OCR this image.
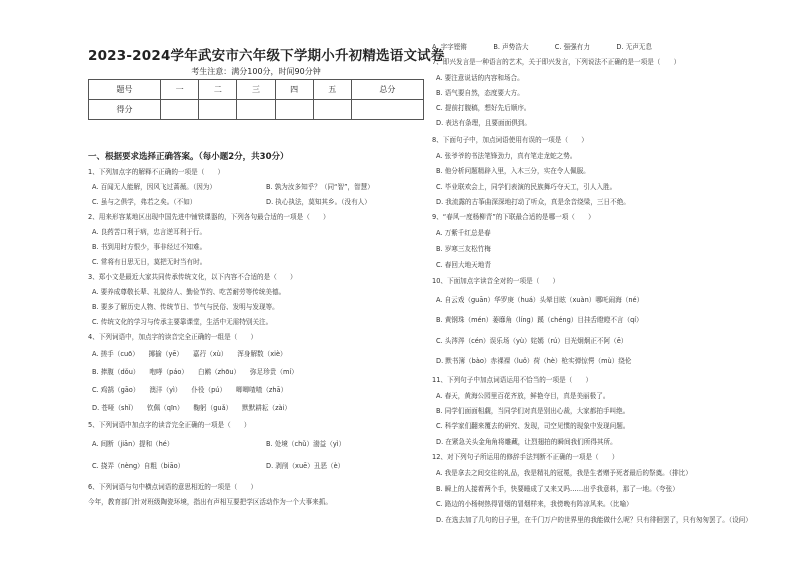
2023-2024学年武安市六年级下学期小升初精选语文试卷
考生注意：满分100分，时间90分钟
题号	一	二	三	四	五	总分
得分						
一、根据要求选择正确答案。（每小题2分，共30分）
1、下列加点字的解释不正确的一项是（　　）
A. 百闻无人能解，因风飞过蔷薇。（因为）	B. 孰为汝多知乎？（同“智”，智慧）
C. 虽与之俱学，弗若之矣。（不如）	D. 执心执法，莫知其乡。（没有人）
2、用来形容某地区出现中国先进中铺铁课器的，下列各句最合适的一项是（　　）
A. 良药苦口利于病，忠言逆耳利于行。
B. 书到用时方恨少，事非经过不知难。
C. 常将有日思无日，莫把无时当有时。
3、郑小文是最近大家共同传承传统文化，以下内容不合适的是（　　）
A. 要养成尊敬长辈、礼貌待人、勤俭节约、吃苦耐劳等传统美德。
B. 要多了解历史人物、传统节日、节气与民俗、发明与发现等。
C. 传统文化的学习与传承主要靠课堂，生活中无需特别关注。
4、下列词语中，加点字的读音完全正确的一组是（　　）
A. 搓手（cuō）　　揶揄（yē）　　嘉荇（xù）　　浑身解数（xiè）
B. 捧腹（dǒu）　　咆哮（páo）　　白鹇（zhōu）　　弥足珍贵（mí）
C. 鸡鹄（gāo）　　澳洋（yì）　　仆役（pú）　　唧唧喳喳（zhā）
D. 苍哑（shǐ）　　钦佩（qīn）　　鞠躬（guǎ）　　默默耕耘（zài）
5、下列词语中加点字的读音完全正确的一项是（　　）
A. 间断（jiān）提和（hé）	B. 处境（chǔ）渤益（yì）
C. 挠弄（nèng）自粗（biāo）	D. 剥削（xuē）丑恶（è）
6、下列词语与句中横点词语的意思相近的一项是（　　）
今年，教育部门针对班级陶瓷环境，指出有声相互要把学区活动作为一个大事来抓。
A. 字字铿锵　　　　B. 声势浩大　　　　C. 强强有力　　　　D. 无声无息
7、即兴发言是一种语言的艺术，关于即兴发言，下列说法不正确的是一项是（　　）
A. 要注意说话的内容和场合。
B. 语气要自然，态度要大方。
C. 提前打腹稿，想好先后顺序。
D. 表达有条理，且要面面俱到。
8、下面句子中，加点词语使用有误的一项是（　　）
A. 张爷爷的书法笔锋劲力，真有笔走龙蛇之势。
B. 他分析问题精辟入里，入木三分，实在令人佩服。
C. 毕业联欢会上，同学们表演的民族舞巧夺天工，引人入胜。
D. 我流露的古筝曲深深地打动了听众，真是余音绕梁，三日不绝。
9、“春风一度杨柳青”的下联最合适的是哪一项（　　）
A. 万紫千红总是春
B. 岁寒三友松竹梅
C. 春回大地天地青
10、下面加点字读音全对的一项是（　　）
A. 自云戏（guān）华罗庚（huá）头晕目眩（xuàn）哪吒闹海（né）
B. 黄钢珠（mén）萎靡角（líng）蹊（chéng）目挂舌瞪瞪不言（qí）
C. 头涔涔（cén）误乐场（yù）姹嫣（rú）目光炯炯正不阿（ē）
D. 默书簿（bào）赤裸裸（luǒ）荷（hè）枪实弹惊愕（mù）绕伦
11、下列句子中加点词语运用不恰当的一项是（　　）
A. 春天，黄海公园里百花齐放，鲜艳夺目，真是美丽极了。
B. 同学们面面相觑，当同学们对真是别出心裁，大家都拍手叫绝。
C. 科学家们翻来覆去的研究、发现，司空见惯的现象中发现问题。
D. 在紧急关头金角角将雕藏，让烈翅拍的瞬间我们所得其所。
12、对下列句子所运用的修辞手法判断不正确的一项是（　　）
A. 我是拿去之间交往的礼品，我是精礼的冠冕，我是生者赠予死者最后的祭奠。（排比）
B. 瞬上的人接着两个手，快要睡成了又来又吗……出乎我意料，那了一地。（夸张）
C. 路边的小杨树热得冒烟的冒烟样来，我傍晚有阵凉风来。（比喻）
D. 在选去加了几句的日子里，在千门万户的世界里的我能做什么呢？只有徘徊罢了，只有匆匆罢了。（设问）
